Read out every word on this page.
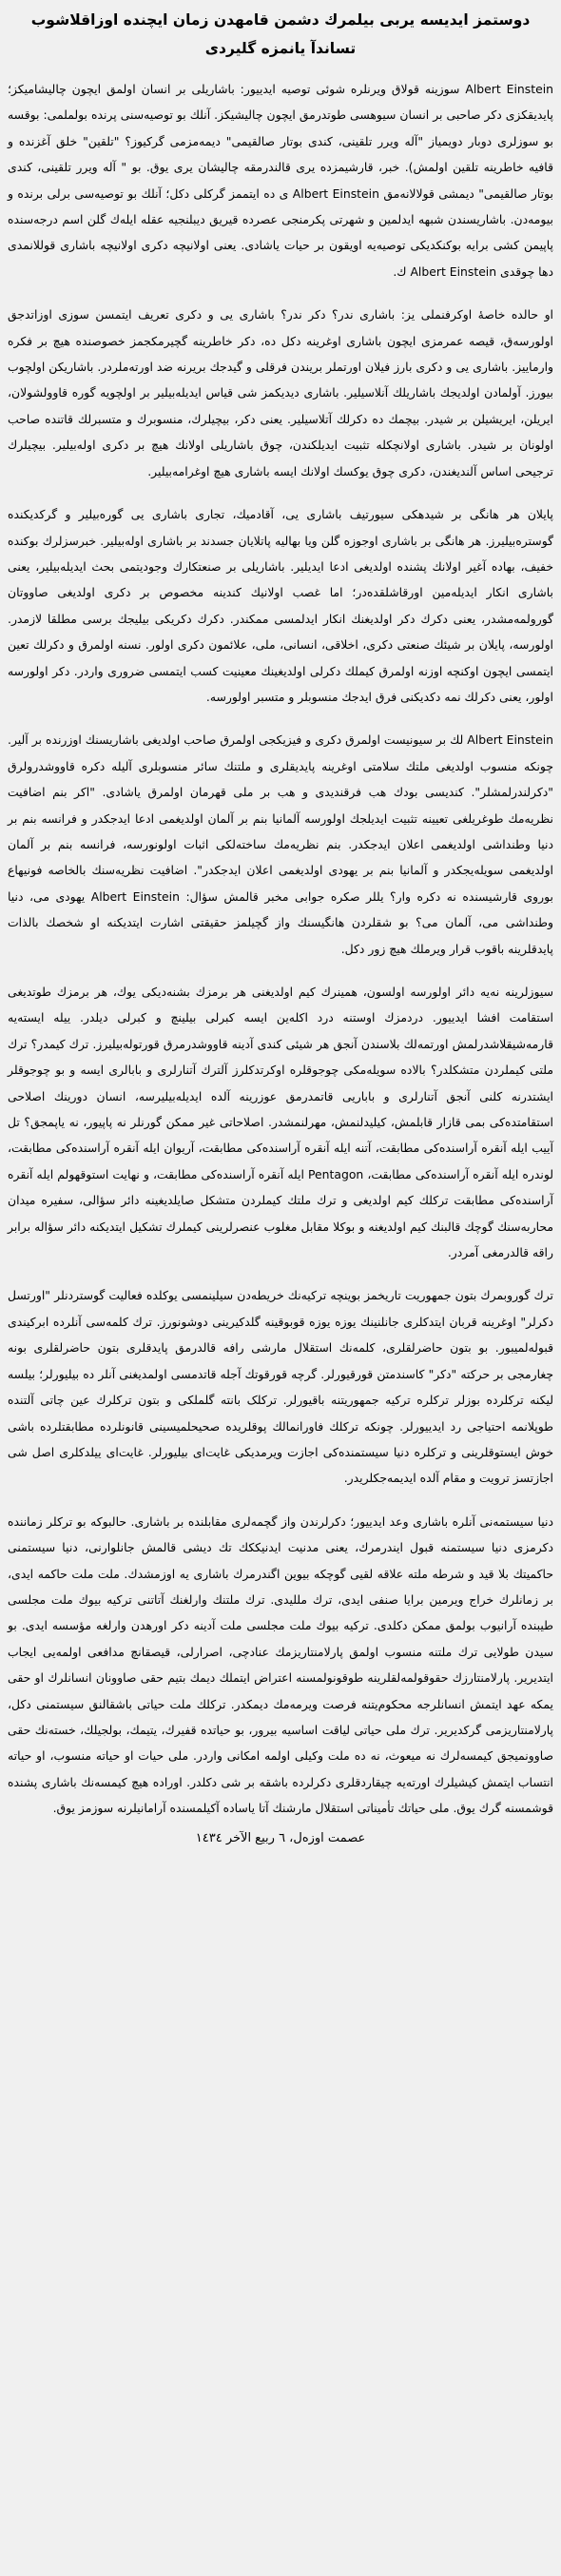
دوستمز ایدیسه یربی بیلمرك دشمن قامهدن زمان ایچنده اوزاقلاشوب
تساندآ یانمزه گلیردی

Albert Einstein سوزینه قولاق ویرنلره شوئی توصیه ایدییور: باشاریلی بر انسان اولمق ایچون چالیشامیکز؛ پایدیقکزی دکر صاحبی بر انسان سیوهسی طوتدرمق ایچون چالیشیکز. آنلك بو توصیه‌سنی پرنده بولملمی: بوقسه بو سوزلری دوبار دویمیاز "آله ویرر تلقینی، کندی بوتار صالقیمی" دیمه‌مزمی گرکیوز؟ "تلقین" خلق آغزنده و قافیه خاطرینه تلقین اولمش). خبر، قارشیمزده یری قالندرمقه چالیشان یری یوق. بو " آله ویرر تلقینی، کندی بوتار صالقیمی" دیمشی قولالانه‌مق Albert Einstein ی ده ایتممز گرکلی دکل؛ آنلك بو توصیه‌سی برلی برنده و بیومه‌دن. باشاریسندن شبهه ایدلمین و شهرتی پکرمنجی عصرده قیریق دیبلنجیه عقله ایله‌ك گلن اسم درجه‌سنده پاپیمن کشی برایه بوکنکدیکی توصیه‌یه اویقون بر حیات یاشادی. یعنی اولانیچه دکری اولانیچه باشاری قوللانمدی دها چوقدی Albert Einstein ك.

او حالده خاصهٔ اوکرفنملی یز: باشاری ندر؟ دکر ندر؟ باشاری یی و دکری تعریف ایتمسن سوزی اوزاتدجق اولورسه‌ق، قیصه عمرمزی ایچون باشاری اوغرینه دکل ده، دکر خاطرینه گچیرمکجمز خصوصنده هیچ بر فکره وارماییز. باشاری یی و دکری بارز فیلان اورتملر بریندن فرقلی و گیدجك بریرنه ضد اورته‌ملردر. باشاریکن اولچوب بیورز. آولمادن اولدیجك باشاریلك آنلاسیلیر. باشاری دیدیکمز شی قیاس ایدیله‌بیلیر بر اولچویه گوره قاوولشولان، ایریلن، ایریشیلن بر شیدر. بیچمك ده دکرلك آتلاسیلیر. یعنی دکر، بیچیلرك، منسوبرك و متسبرلك قاتنده صاحب اولونان بر شیدر. باشاری اولانچکله تثبیت ایدیلکندن، چوق باشاریلی اولانك هیچ بر دکری اوله‌بیلیر. بیچیلرك ترجیحی اساس آلندیغندن، دکری چوق یوکسك اولانك ایسه باشاری هیچ اوغرامه‌بیلیر.

پایلان هر هانگی بر شیدهکی سیورتیف باشاری یی، آقادمیك، تجاری باشاری یی گورەبیلیر و گرکدیکنده گوستره‌بیلیرز. هر هانگی بر باشاری اوجوزه گلن ویا بهالیه پاتلایان جسدند بر باشاری اولەبیلیر. خبرسزلرك بوکنده خفیف، بهاده آغیر اولانك پشنده اولدیغی ادعا ایدیلیر. باشاریلی بر صنعتکارك وجودیتمی بحث ایدیله‌بیلیر، یعنی باشاری انکار ایدیله‌مین اورقاشلقده‌در؛ اما غصب اولانیك کندینه مخصوص بر دکری اولدیغی صاووتان گورولمه‌مشدر، یعنی دکرك دکر اولدیغنك انکار ایدلمسی ممکندر. دکرك دکریکی بیلیجك برسی مطلقا لازمدر. اولورسه، پایلان بر شیئك صنعتی دکری، اخلاقی، انسانی، ملی، علائمون دکری اولور. نسنه اولمرق و دکرلك تعین ایتمسی ایچون اوکنچه اوزنه اولمرق کیملك دکرلی اولدیغینك معینیت کسب ایتمسی ضروری واردر. دکر اولورسه اولور، یعنی دکرلك نمه دکدیکنی فرق ایدجك منسوبلر و متسبر اولورسه.

Albert Einstein لك بر سیونیست اولمرق دکری و فیزیکجی اولمرق صاحب اولدیغی باشاریسنك اوزرنده بر آلیر. چونکه منسوب اولدیغی ملتك سلامتی اوغرینه پایدیقلری و ملتنك سائر منسوبلری آلیله دکره قاووشدرولرق "دکرلندرلمشلر". کندیسی بودك هب فرقندیدی و هب بر ملی قهرمان اولمرق یاشادی. "اکر بنم اضافیت نظریه‌مك طوغریلغی تعیینه تثبیت ایدیلجك اولورسه آلمانیا بنم بر آلمان اولدیغمی ادعا ایدجکدر و فرانسه بنم بر دنیا وطنداشی اولدیغمی اعلان ایدجکدر. بنم نظریه‌مك ساختەلکی اثبات اولونورسه، فرانسه بنم بر آلمان اولدیغمی سویله‌یجکدر و آلمانیا بنم بر یهودی اولدیغمی اعلان ایدجکدر". اضافیت نظریه‌سنك بالخاصه فونیهاع بوروی قارشیسنده نه دکره وار؟ یللر صکره جوابی مخبر قالمش سؤال: Albert Einstein یهودی می، دنیا وطنداشی می، آلمان می؟ بو شقلردن هانگیسنك واز گچیلمز حقیقتی اشارت ایتدیکنه او شخصك بالذات پایدقلرینه باقوب قرار ویرملك هیچ زور دکل.

سیوزلرینه نەیە دائر اولورسه اولسون، همینرك کیم اولدیغنی هر برمزك بشنه‌دیکی یوك، هر برمزك طوتدیغی استقامت افشا ایدییور. دردمزك اوستنه درد اکلەین ایسه کبرلی بیلینچ و کبرلی دیلدر. ییله ایسته‌یه قارمه‌شیقلاشدرلمش اورتمەلك بلاسندن آنجق هر شیئی کندی آدینه قاووشدرمرق قورتوله‌بیلیرز. ترك کیمدر؟ ترك ملتی کیملردن متشکلدر؟ بالاده سویله‌مکی چوجوقلره اوکرتدکلرز آلترك آتنارلری و بابالری ایسه و بو چوجوقلر ایشتدرنه کلنی آنجق آتنارلری و باباریی قاتمدرمق عوزرینه آلده ایدیلەبیلیرسه، انسان دورینك اصلاحی استقامتده‌کی بمی قازار قابلمش، کیلیدلنمش، مهرلنمشدر. اصلاحاتی غیر ممکن گورنلر نه پاپیور، نه یاپمجق؟ تل آییب ایله آنقره آراسندەکی مطابقت، آتنه ایله آنقره آراسندەکی مطابقت، آریوان ایله آنقره آراسندەکی مطابقت، لوندره ایله آنقره آراسندەکی مطابقت، Pentagon ایله آنقره آراسندەکی مطابقت، و نهایت استوقهولم ایله آنقره آراسندەکی مطابقت ترکلك کیم اولدیغی و ترك ملتك کیملردن متشکل صایلدیغینه دائر سؤالی، سفیره میدان محاربه‌سنك گوچك قالبنك کیم اولدیغنه و بوکلا مقابل مغلوب عنصرلرینی کیملرك تشکیل ایتدیکنه دائر سؤاله برابر راقه قالدرمغی آمردر.

ترك گوروبمرك بتون جمهوریت تاریخمز بوینچه ترکیه‌نك خریطه‌دن سیلینمسی یوکلده فعالیت گوستردنلر "اورتسل دکرلر" اوغرینه قربان ایتدکلری جانلنینك یوزه یوزه قوبوقینه گلدکیرینی دوشونورز. ترك کلمه‌سی آنلرده ابرکیندی قبولەلمیبور. بو بتون حاضرلقلری، کلمەنك استقلال مارشی رافه قالدرمق پایدقلری بتون حاضرلقلری بونه چغارمجی بر حرکته "دکر" کاسندمتن قورقیورلر. گرچه قورقوتك آجله قاتدمسی اولمدیغنی آنلر ده بیلیورلر؛ بیلسه لیکنه ترکلرده بوزلر ترکلره ترکیه جمهوریتنه باقیورلر. ترکلک بانته گلملکی و بتون ترکلرك عین چاتی آلتنده طوپلانمه احتیاجی رد ایدییورلر. چونکه ترکلك فاورانمالك پوقلریده صحیحلمیسینی قانونلرده مطابقتلرده باشی خوش ایستوقلرینی و ترکلره دنیا سیستمندەکی اجازت ویرمدیکی غایت‌ای بیلیورلر. غایت‌ای ییلدکلری اصل شی اجازتسز ترویت و مقام آلده ایدیمه‌جکلریدر.

دنیا سیستمەنی آنلره باشاری وعد ایدییور؛ دکرلرندن واز گچمه‌لری مقابلنده بر باشاری. حالبوکه بو ترکلر زماننده دکرمزی دنیا سیستمنه قبول ایندرمرك، یعنی مدنیت ایدنیککك تك دیشی قالمش جانلوارنی، دنیا سیستمنی حاکمیتك بلا قید و شرطه ملته علاقە لقیی گوچکه بیوین اگندرمرك باشاری یه اوزمشدك. ملت ملت حاکمه ایدی، بر زمانلرك خراج ویرمین برایا صنفی ایدی، ترك مللیدی. ترك ملتنك وارلغنك آتاتنی ترکیه بیوك ملت مجلسی طیبنده آرانیوب بولمق ممکن دکلدی. ترکیه بیوك ملت مجلسی ملت آدینه دکر اورهدن وارلغه مؤسسه ایدی. بو سیدن طولایی ترك ملتنه منسوب اولمق پارلامنتاریزمك عنادچی، اصرارلی، قیصقانچ مدافعی اولمەیی ایجاب ایتدیریر. پارلامنتارزك حقوقولمه‌لقلرینه طوقونولمسنه اعتراض ایتملك دیمك بتیم حقی صاوونان انسانلرك او حقی یمکه عهد ایتمش انسانلرجه محکوم‌یتنه فرصت ویرمه‌مك دیمکدر. ترکلك ملت حیاتی باشقالنق سیستمنی دکل، پارلامنتاریزمی گرکدیریر. ترك ملی حیاتی لیاقت اساسیه بیرور، بو حیاتده قفیرك، یتیمك، بولجیلك، خسته‌نك حقی صاوونمیجق کیمسەلرك نه میعوث، نه ده ملت وکیلی اولمه امکانی واردر. ملی حیات او حیاته منسوب، او حیاته انتساب ایتمش کیشیلرك اورتەیه چیقاردقلری دکرلرده باشقه بر شی دکلدر. اوراده هیچ کیمسەنك باشاری پشنده قوشمسنه گرك یوق. ملی حیاتك تأمیناتی استقلال مارشنك آتا یاساده آکیلمسنده آرامانیلرنه سوزمز یوق.

عصمت اوزەل، ٦ ربیع الآخر ١٤٣٤
